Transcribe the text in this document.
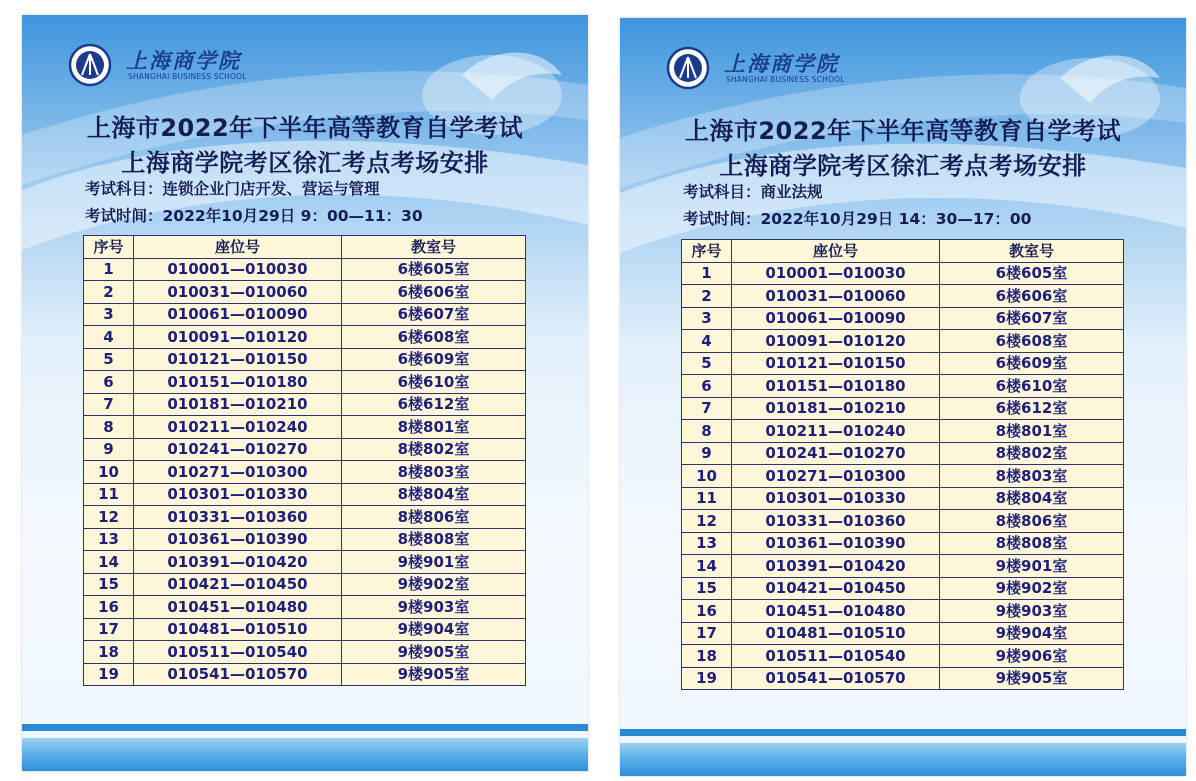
上海商学院
SHANGHAI BUSINESS SCHOOL
上海市2022年下半年高等教育自学考试
上海商学院考区徐汇考点考场安排
考试科目：连锁企业门店开发、营运与管理
考试时间：2022年10月29日 9：00—11：30
序号	座位号	教室号
1	010001—010030	6楼605室
2	010031—010060	6楼606室
3	010061—010090	6楼607室
4	010091—010120	6楼608室
5	010121—010150	6楼609室
6	010151—010180	6楼610室
7	010181—010210	6楼612室
8	010211—010240	8楼801室
9	010241—010270	8楼802室
10	010271—010300	8楼803室
11	010301—010330	8楼804室
12	010331—010360	8楼806室
13	010361—010390	8楼808室
14	010391—010420	9楼901室
15	010421—010450	9楼902室
16	010451—010480	9楼903室
17	010481—010510	9楼904室
18	010511—010540	9楼905室
19	010541—010570	9楼905室
上海商学院
SHANGHAI BUSINESS SCHOOL
上海市2022年下半年高等教育自学考试
上海商学院考区徐汇考点考场安排
考试科目：商业法规
考试时间：2022年10月29日 14：30—17：00
序号	座位号	教室号
1	010001—010030	6楼605室
2	010031—010060	6楼606室
3	010061—010090	6楼607室
4	010091—010120	6楼608室
5	010121—010150	6楼609室
6	010151—010180	6楼610室
7	010181—010210	6楼612室
8	010211—010240	8楼801室
9	010241—010270	8楼802室
10	010271—010300	8楼803室
11	010301—010330	8楼804室
12	010331—010360	8楼806室
13	010361—010390	8楼808室
14	010391—010420	9楼901室
15	010421—010450	9楼902室
16	010451—010480	9楼903室
17	010481—010510	9楼904室
18	010511—010540	9楼906室
19	010541—010570	9楼905室
